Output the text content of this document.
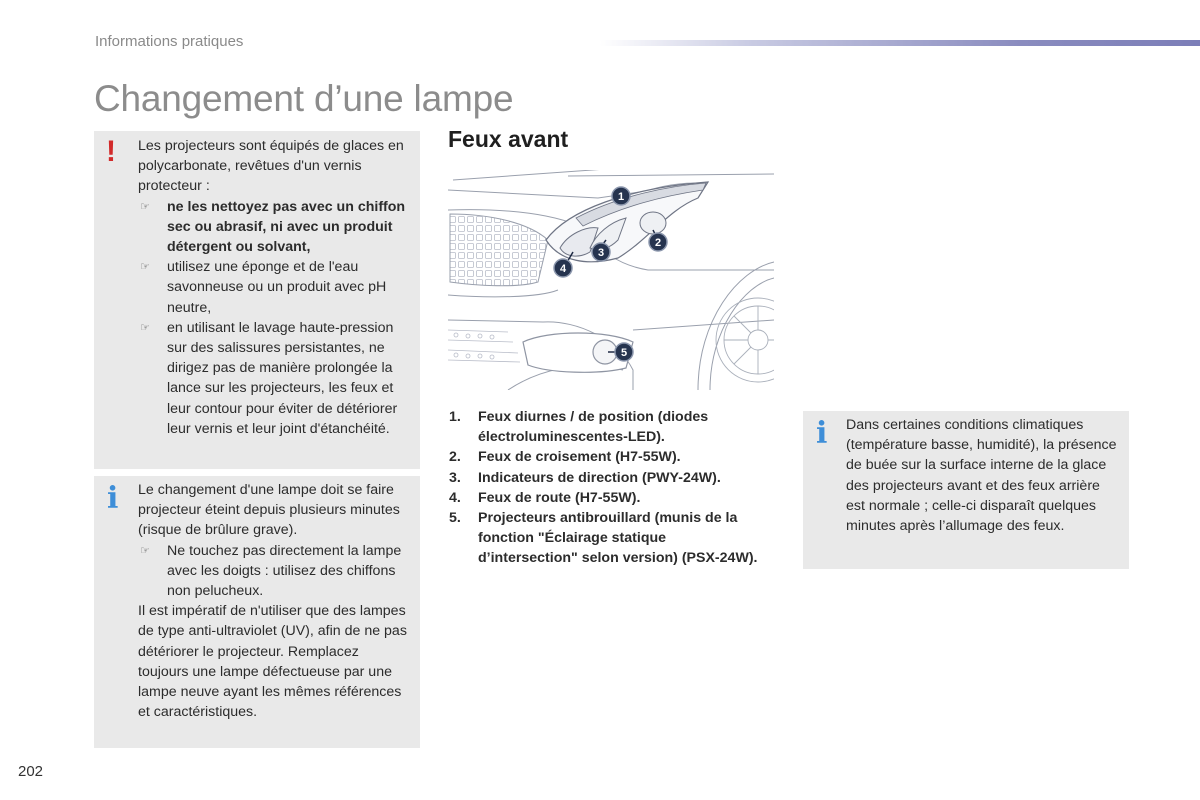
Informations pratiques
Changement d’une lampe
! Les projecteurs sont équipés de glaces en polycarbonate, revêtues d'un vernis protecteur :

☞ ne les nettoyez pas avec un chiffon sec ou abrasif, ni avec un produit détergent ou solvant,
☞ utilisez une éponge et de l'eau savonneuse ou un produit avec pH neutre,
☞ en utilisant le lavage haute-pression sur des salissures persistantes, ne dirigez pas de manière prolongée la lance sur les projecteurs, les feux et leur contour pour éviter de détériorer leur vernis et leur joint d'étanchéité.
i Le changement d'une lampe doit se faire projecteur éteint depuis plusieurs minutes (risque de brûlure grave).

☞ Ne touchez pas directement la lampe avec les doigts : utilisez des chiffons non pelucheux.

Il est impératif de n'utiliser que des lampes de type anti-ultraviolet (UV), afin de ne pas détériorer le projecteur. Remplacez toujours une lampe défectueuse par une lampe neuve ayant les mêmes références et caractéristiques.

Feux avant
1
2
3
4
5
1. Feux diurnes / de position (diodes électroluminescentes-LED).
2. Feux de croisement (H7-55W).
3. Indicateurs de direction (PWY-24W).
4. Feux de route (H7-55W).
5. Projecteurs antibrouillard (munis de la fonction "Éclairage statique d’intersection" selon version) (PSX-24W).
i Dans certaines conditions climatiques (température basse, humidité), la présence de buée sur la surface interne de la glace des projecteurs avant et des feux arrière est normale ; celle-ci disparaît quelques minutes après l’allumage des feux.

202
